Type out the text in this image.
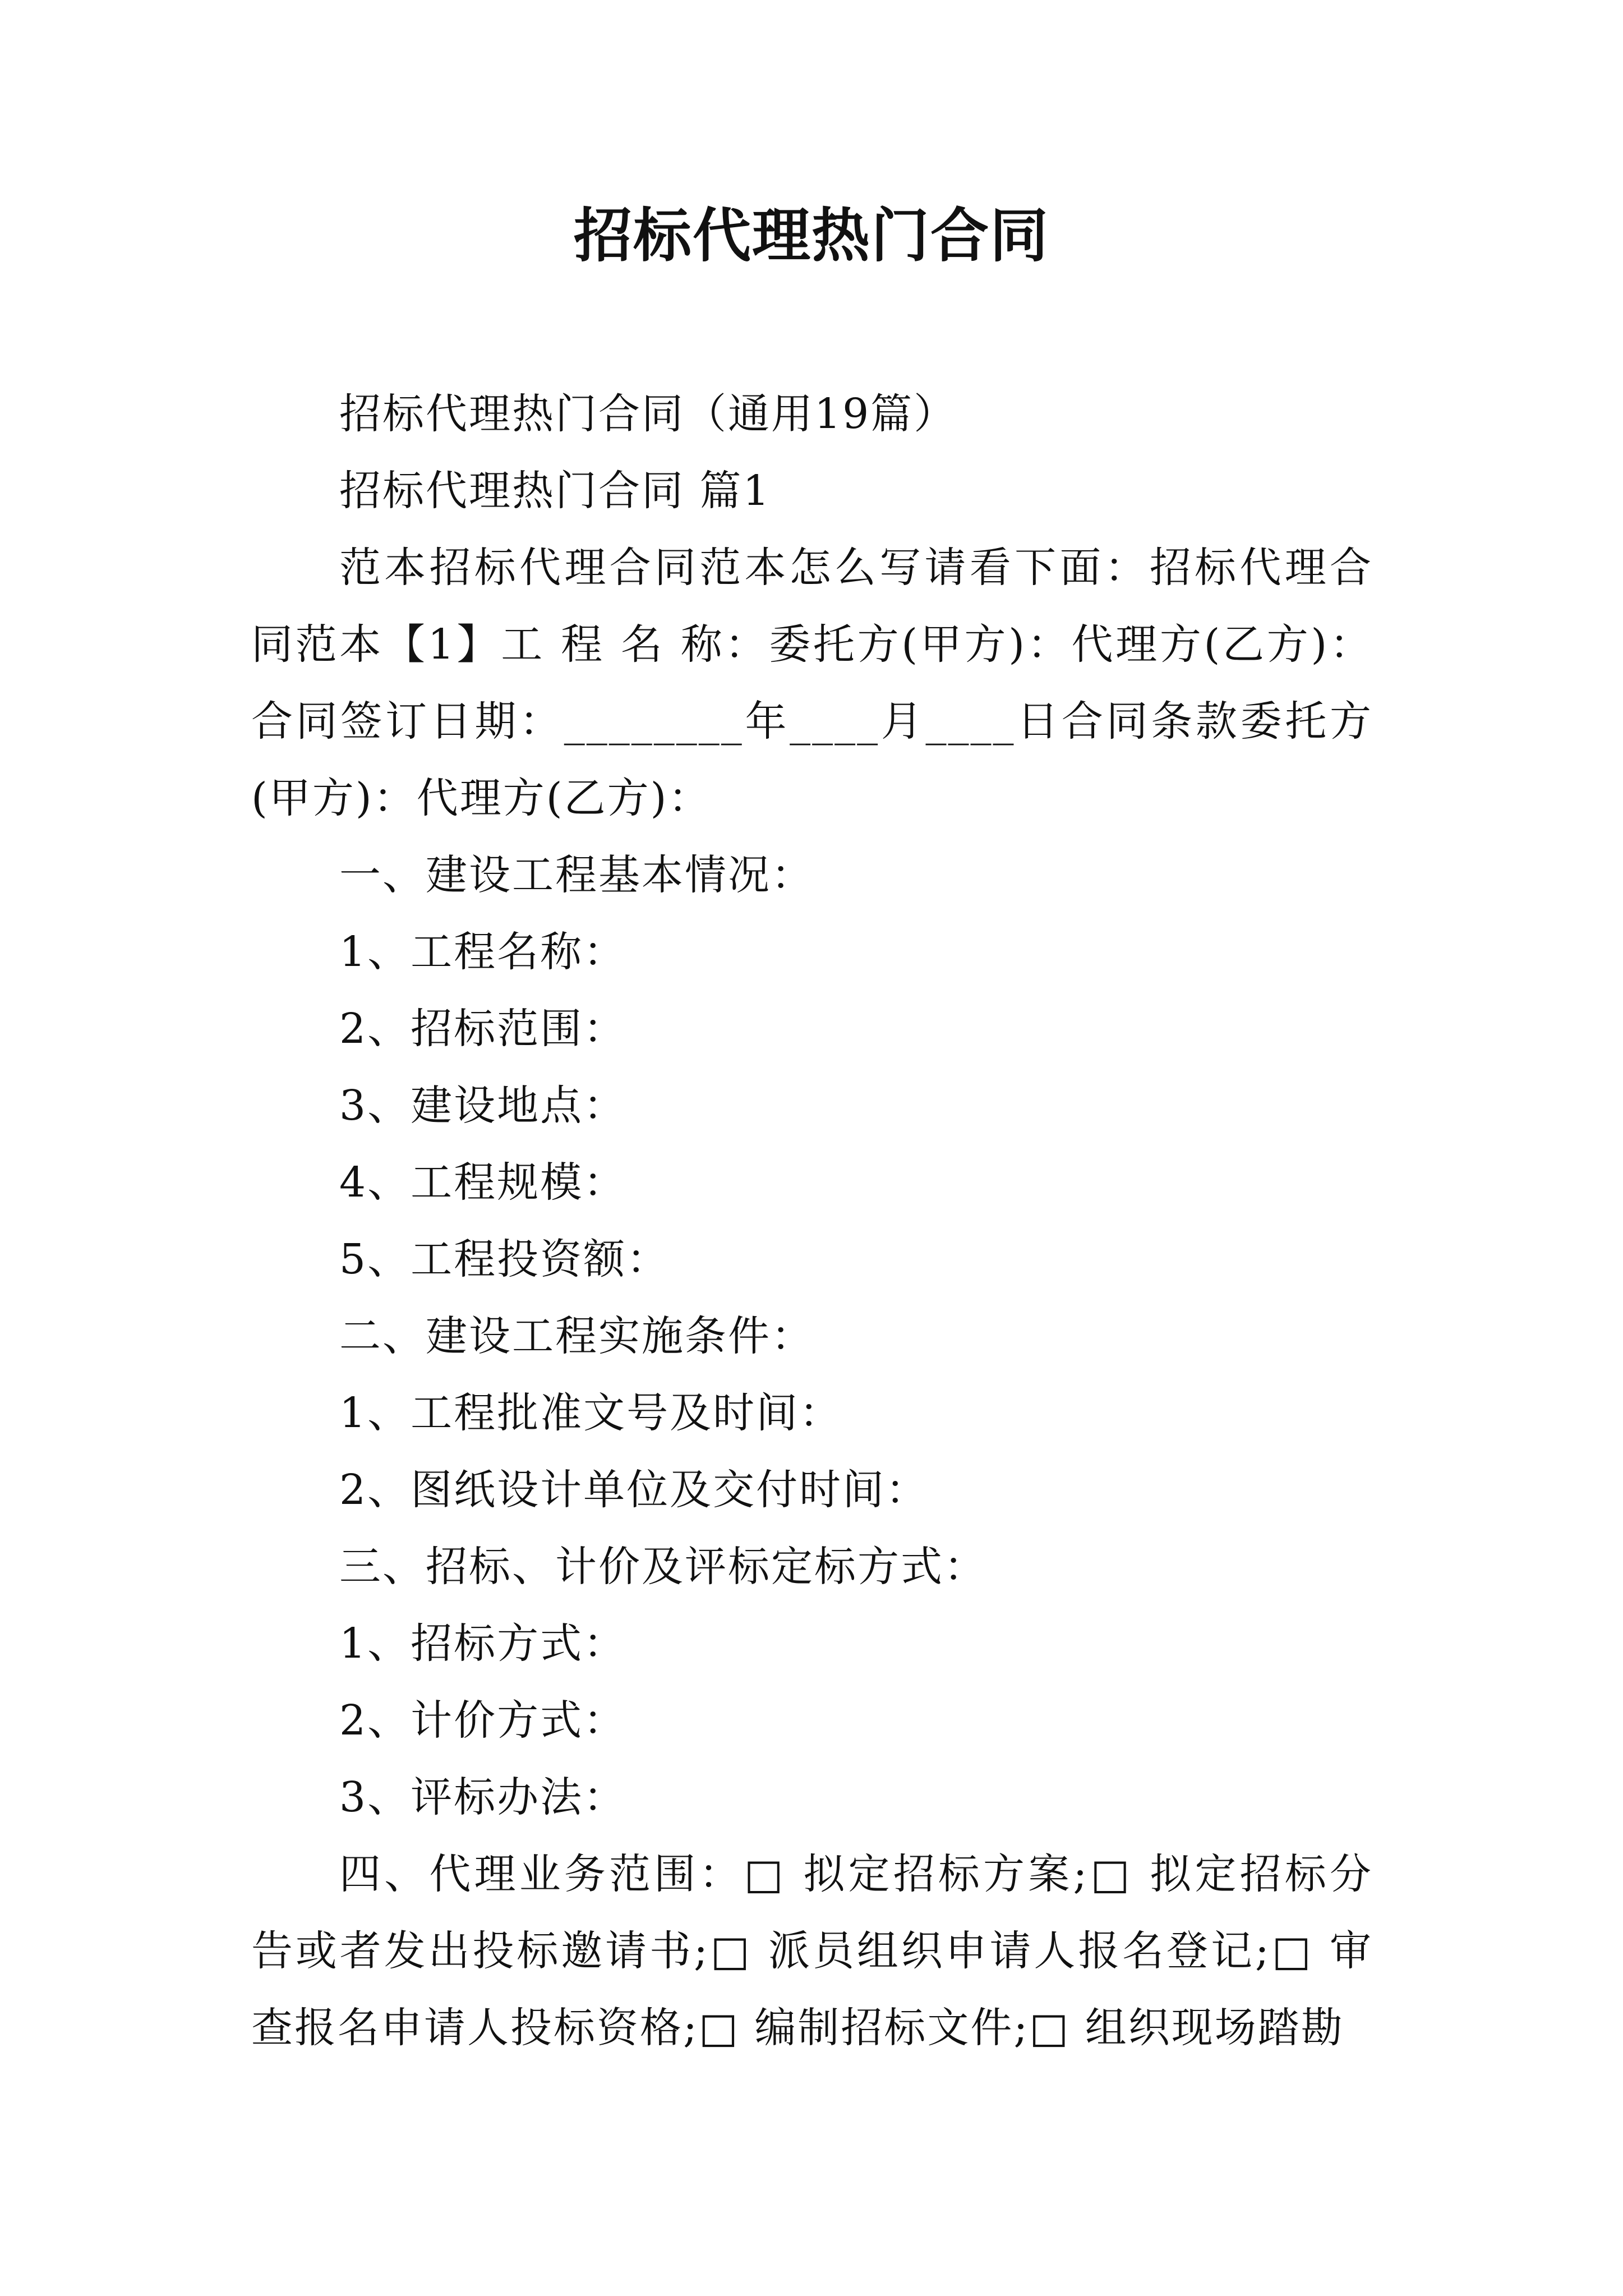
招标代理热门合同

招标代理热门合同（通用19篇）

招标代理热门合同 篇1

范本招标代理合同范本怎么写请看下面：招标代理合同范本【1】工 程 名 称：委托方(甲方)：代理方(乙方)：合同签订日期：________年____月____日合同条款委托方(甲方)：代理方(乙方)：

一、建设工程基本情况：

1、工程名称：

2、招标范围：

3、建设地点：

4、工程规模：

5、工程投资额：

二、建设工程实施条件：

1、工程批准文号及时间：

2、图纸设计单位及交付时间：

三、招标、计价及评标定标方式：

1、招标方式：

2、计价方式：

3、评标办法：

四、代理业务范围：□ 拟定招标方案;□ 拟定招标分告或者发出投标邀请书;□ 派员组织申请人报名登记;□ 审查报名申请人投标资格;□ 编制招标文件;□ 组织现场踏勘
